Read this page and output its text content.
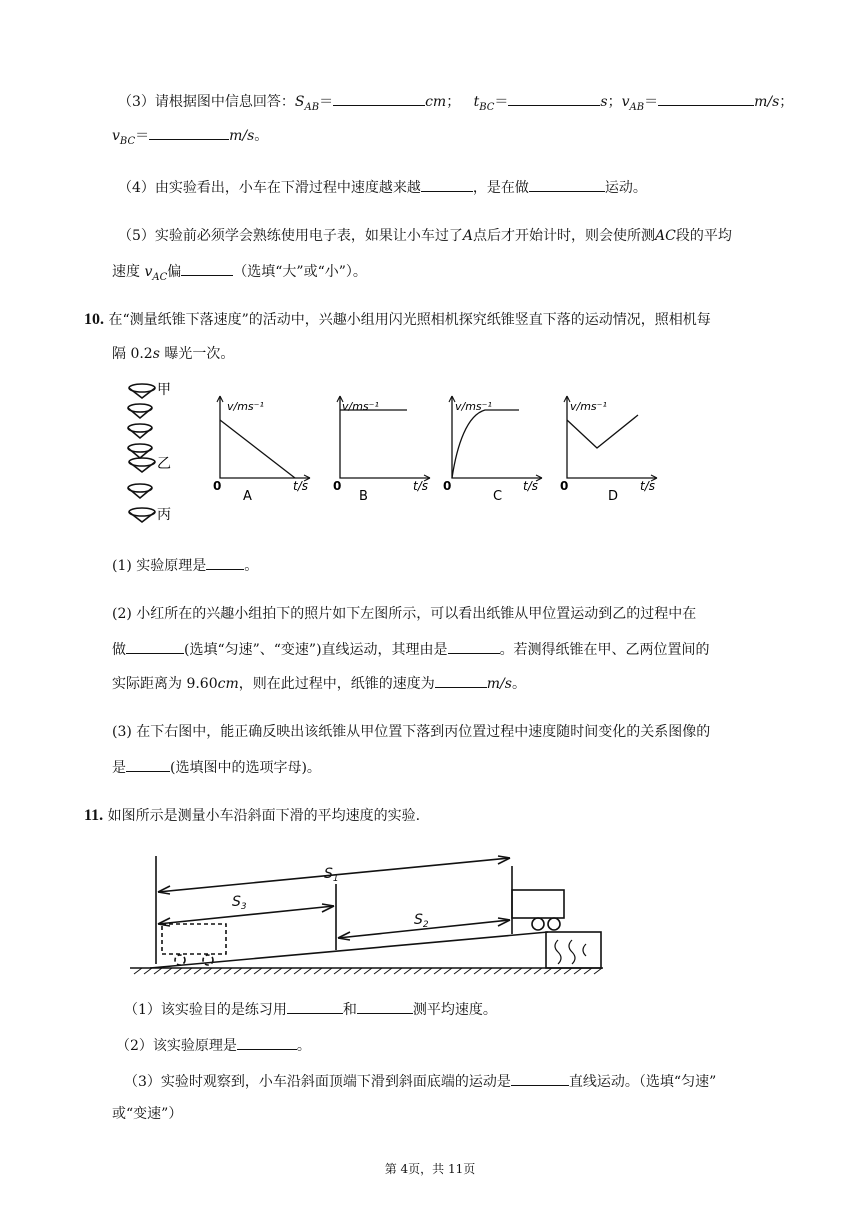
（3）请根据图中信息回答：$S_{AB}=$	cm； $t_{BC}=$	s；$v_{AB}=$	m/s；
$v_{BC}=$	m/s。
（4）由实验看出，小车在下滑过程中速度越来越	，是在做	运动。
（5）实验前必须学会熟练使用电子表，如果让小车过了A点后才开始计时，则会使所测AC段的平均
速度 $v_{AC}$偏	（选填“大”或“小”）。
10. 在“测量纸锥下落速度”的活动中，兴趣小组用闪光照相机探究纸锥竖直下落的运动情况，照相机每
隔 0.2s 曝光一次。
甲
乙
丙
v/ms⁻¹
0	t/s
A
v/ms⁻¹
0	t/s
B
v/ms⁻¹
0	t/s
C
v/ms⁻¹
0	t/s
D
(1) 实验原理是	。
(2) 小红所在的兴趣小组拍下的照片如下左图所示，可以看出纸锥从甲位置运动到乙的过程中在
做	(选填“匀速”、“变速”)直线运动，其理由是	。若测得纸锥在甲、乙两位置间的
实际距离为 9.60cm，则在此过程中，纸锥的速度为	m/s。
(3) 在下右图中，能正确反映出该纸锥从甲位置下落到丙位置过程中速度随时间变化的关系图像的
是	(选填图中的选项字母)。
11. 如图所示是测量小车沿斜面下滑的平均速度的实验.
$S_1$
$S_3$
$S_2$
（1）该实验目的是练习用	和	测平均速度。
（2）该实验原理是	。
（3）实验时观察到，小车沿斜面顶端下滑到斜面底端的运动是	直线运动。（选填“匀速”
或“变速”）
第 4页，共 11页
